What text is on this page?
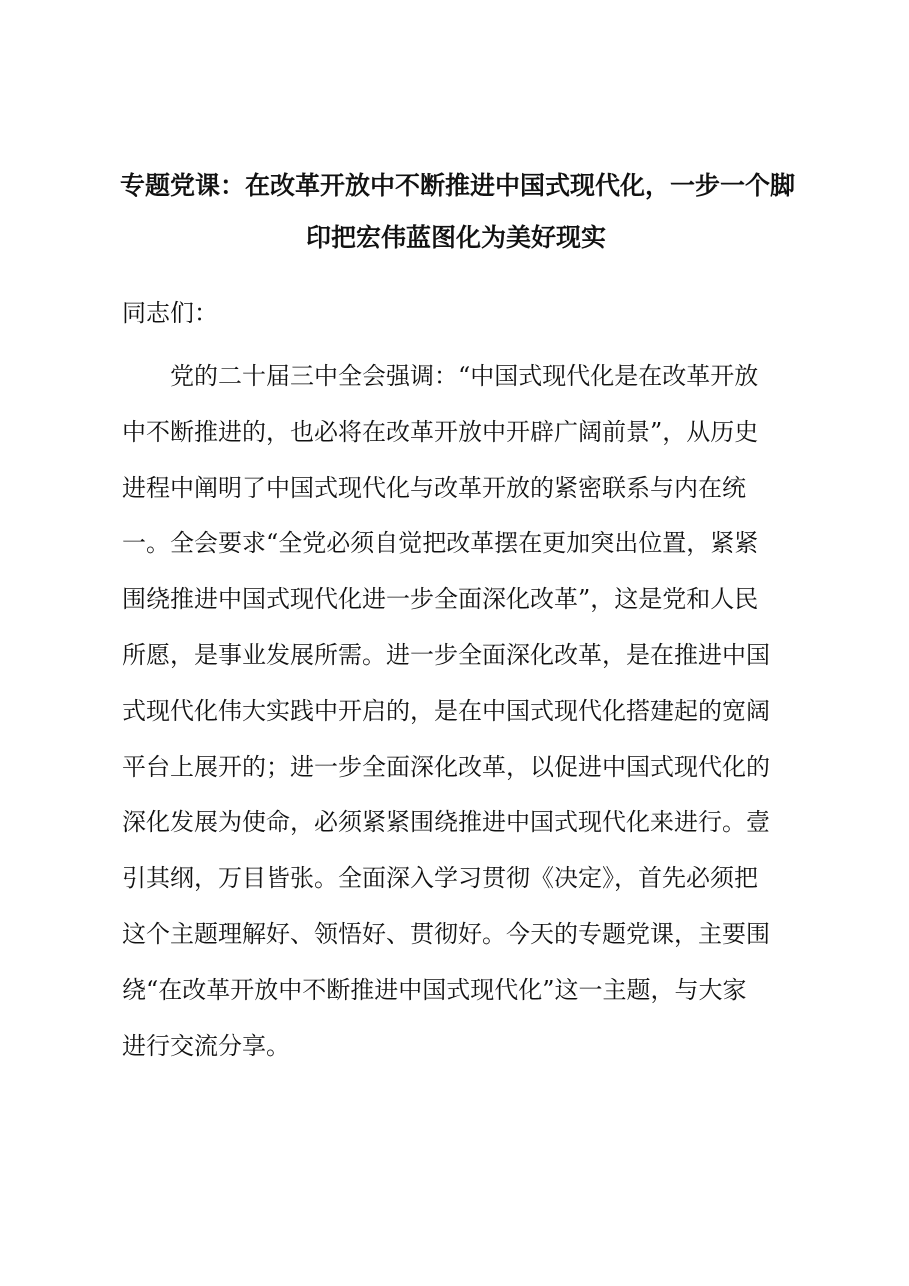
专题党课：在改革开放中不断推进中国式现代化，一步一个脚
印把宏伟蓝图化为美好现实
同志们：
党的二十届三中全会强调：“中国式现代化是在改革开放
中不断推进的，也必将在改革开放中开辟广阔前景”，从历史
进程中阐明了中国式现代化与改革开放的紧密联系与内在统
一。全会要求“全党必须自觉把改革摆在更加突出位置，紧紧
围绕推进中国式现代化进一步全面深化改革”，这是党和人民
所愿，是事业发展所需。进一步全面深化改革，是在推进中国
式现代化伟大实践中开启的，是在中国式现代化搭建起的宽阔
平台上展开的；进一步全面深化改革，以促进中国式现代化的
深化发展为使命，必须紧紧围绕推进中国式现代化来进行。壹
引其纲，万目皆张。全面深入学习贯彻《决定》，首先必须把
这个主题理解好、领悟好、贯彻好。今天的专题党课，主要围
绕“在改革开放中不断推进中国式现代化”这一主题，与大家
进行交流分享。
